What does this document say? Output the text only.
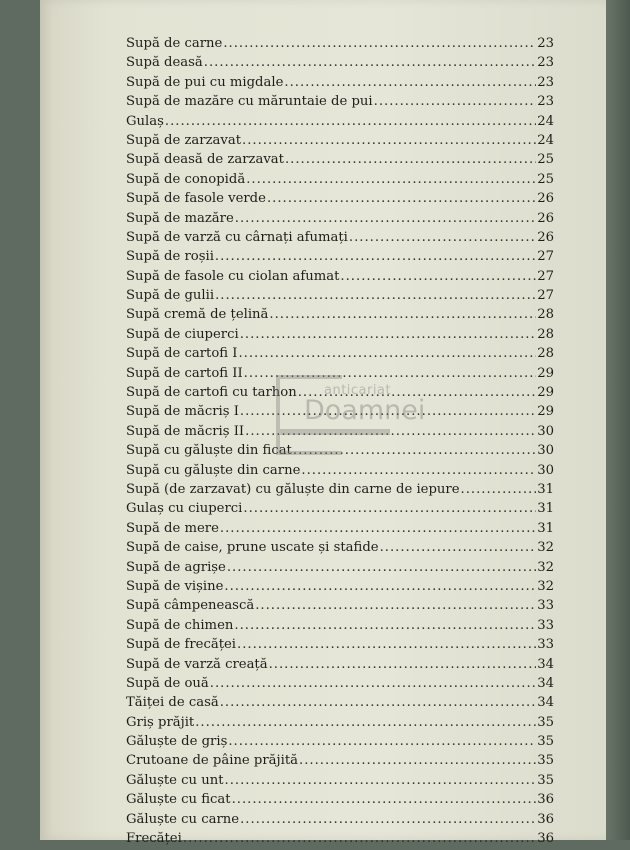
Supă de carne .....	23
Supă deasă .....	23
Supă de pui cu migdale .....	23
Supă de mazăre cu măruntaie de pui .....	23
Gulaș .....	24
Supă de zarzavat .....	24
Supă deasă de zarzavat .....	25
Supă de conopidă .....	25
Supă de fasole verde .....	26
Supă de mazăre .....	26
Supă de varză cu cârnați afumați .....	26
Supă de roșii .....	27
Supă de fasole cu ciolan afumat .....	27
Supă de gulii .....	27
Supă cremă de țelină .....	28
Supă de ciuperci .....	28
Supă de cartofi I .....	28
Supă de cartofi II .....	29
Supă de cartofi cu tarhon .....	29
Supă de măcriș I .....	29
Supă de măcriș II .....	30
Supă cu găluște din ficat .....	30
Supă cu găluște din carne .....	30
Supă (de zarzavat) cu găluște din carne de iepure .....	31
Gulaș cu ciuperci .....	31
Supă de mere .....	31
Supă de caise, prune uscate și stafide .....	32
Supă de agrișe .....	32
Supă de vișine .....	32
Supă câmpenească .....	33
Supă de chimen .....	33
Supă de frecăței .....	33
Supă de varză creață .....	34
Supă de ouă .....	34
Tăiței de casă .....	34
Griș prăjit .....	35
Găluște de griș .....	35
Crutoane de pâine prăjită .....	35
Găluște cu unt .....	35
Găluște cu ficat .....	36
Găluște cu carne .....	36
Frecăței .....	36
anticariat
Doamnei
